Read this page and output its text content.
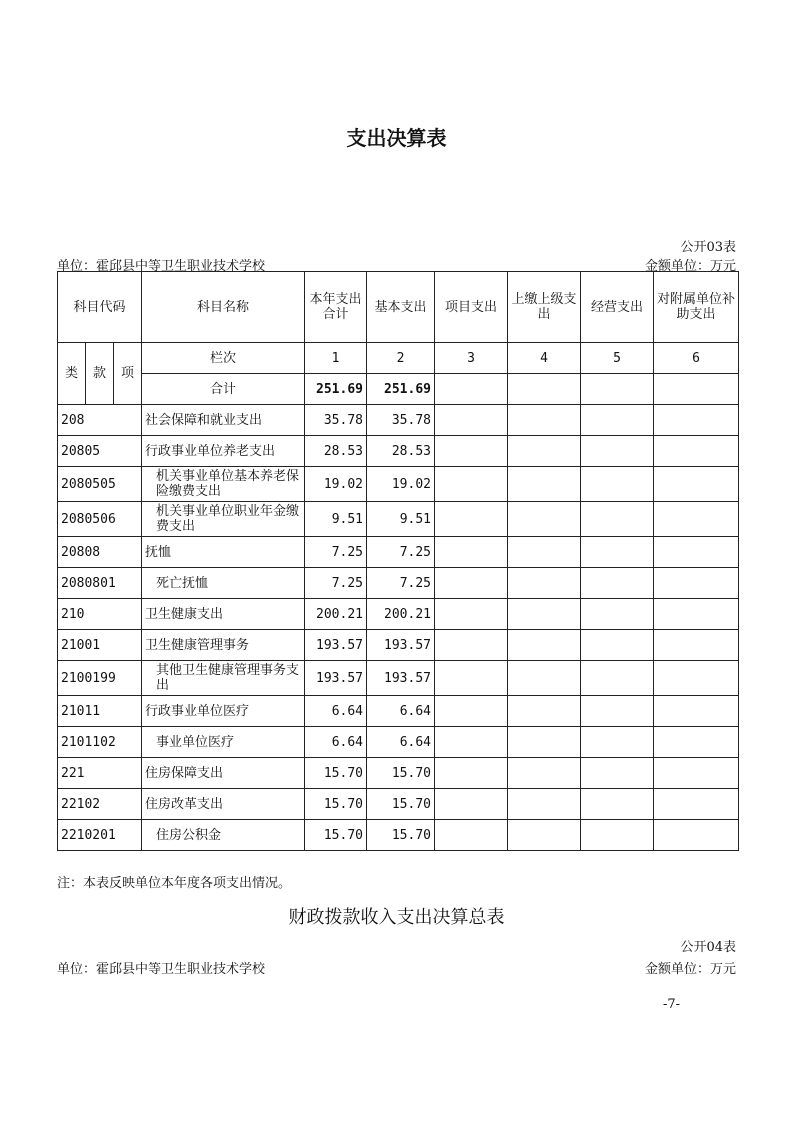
支出决算表
公开03表
单位：霍邱县中等卫生职业技术学校	金额单位：万元
科目代码			科目名称	本年支出合计	基本支出	项目支出	上缴上级支出	经营支出	对附属单位补助支出
类	款	项	栏次	1	2	3	4	5	6
			合计	251.69	251.69				
208			社会保障和就业支出	35.78	35.78				
20805			行政事业单位养老支出	28.53	28.53				
2080505			机关事业单位基本养老保险缴费支出	19.02	19.02				
2080506			机关事业单位职业年金缴费支出	9.51	9.51				
20808			抚恤	7.25	7.25				
2080801			死亡抚恤	7.25	7.25				
210			卫生健康支出	200.21	200.21				
21001			卫生健康管理事务	193.57	193.57				
2100199			其他卫生健康管理事务支出	193.57	193.57				
21011			行政事业单位医疗	6.64	6.64				
2101102			事业单位医疗	6.64	6.64				
221			住房保障支出	15.70	15.70				
22102			住房改革支出	15.70	15.70				
2210201			住房公积金	15.70	15.70				
注：本表反映单位本年度各项支出情况。
财政拨款收入支出决算总表
公开04表
单位：霍邱县中等卫生职业技术学校	金额单位：万元
-7-
